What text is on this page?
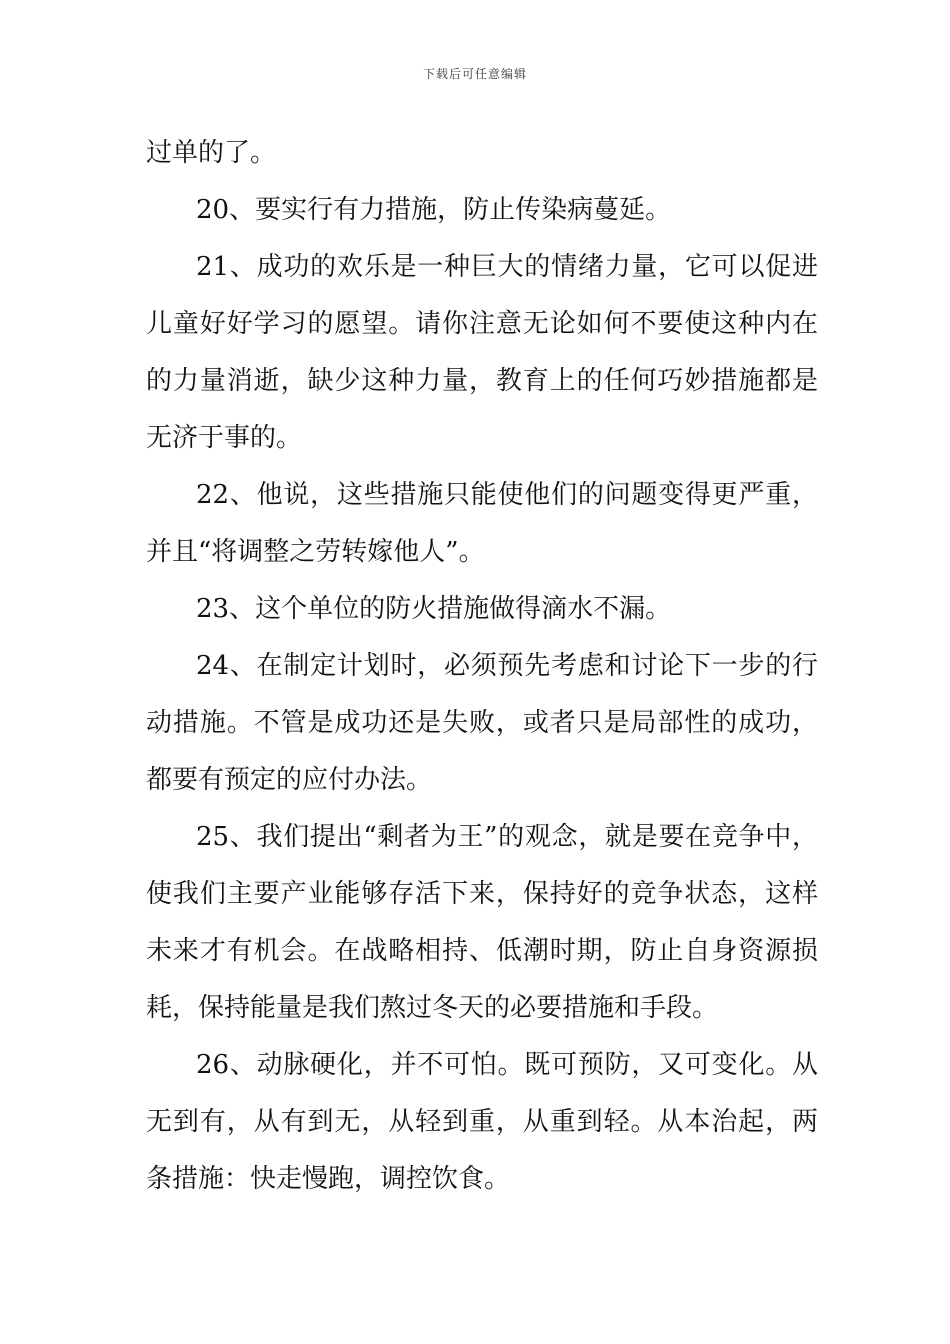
下载后可任意编辑

过单的了。

20、要实行有力措施，防止传染病蔓延。

21、成功的欢乐是一种巨大的情绪力量，它可以促进儿童好好学习的愿望。请你注意无论如何不要使这种内在的力量消逝，缺少这种力量，教育上的任何巧妙措施都是无济于事的。

22、他说，这些措施只能使他们的问题变得更严重，并且“将调整之劳转嫁他人”。

23、这个单位的防火措施做得滴水不漏。

24、在制定计划时，必须预先考虑和讨论下一步的行动措施。不管是成功还是失败，或者只是局部性的成功，都要有预定的应付办法。

25、我们提出“剩者为王”的观念，就是要在竞争中，使我们主要产业能够存活下来，保持好的竞争状态，这样未来才有机会。在战略相持、低潮时期，防止自身资源损耗，保持能量是我们熬过冬天的必要措施和手段。

26、动脉硬化，并不可怕。既可预防，又可变化。从无到有，从有到无，从轻到重，从重到轻。从本治起，两条措施：快走慢跑，调控饮食。
